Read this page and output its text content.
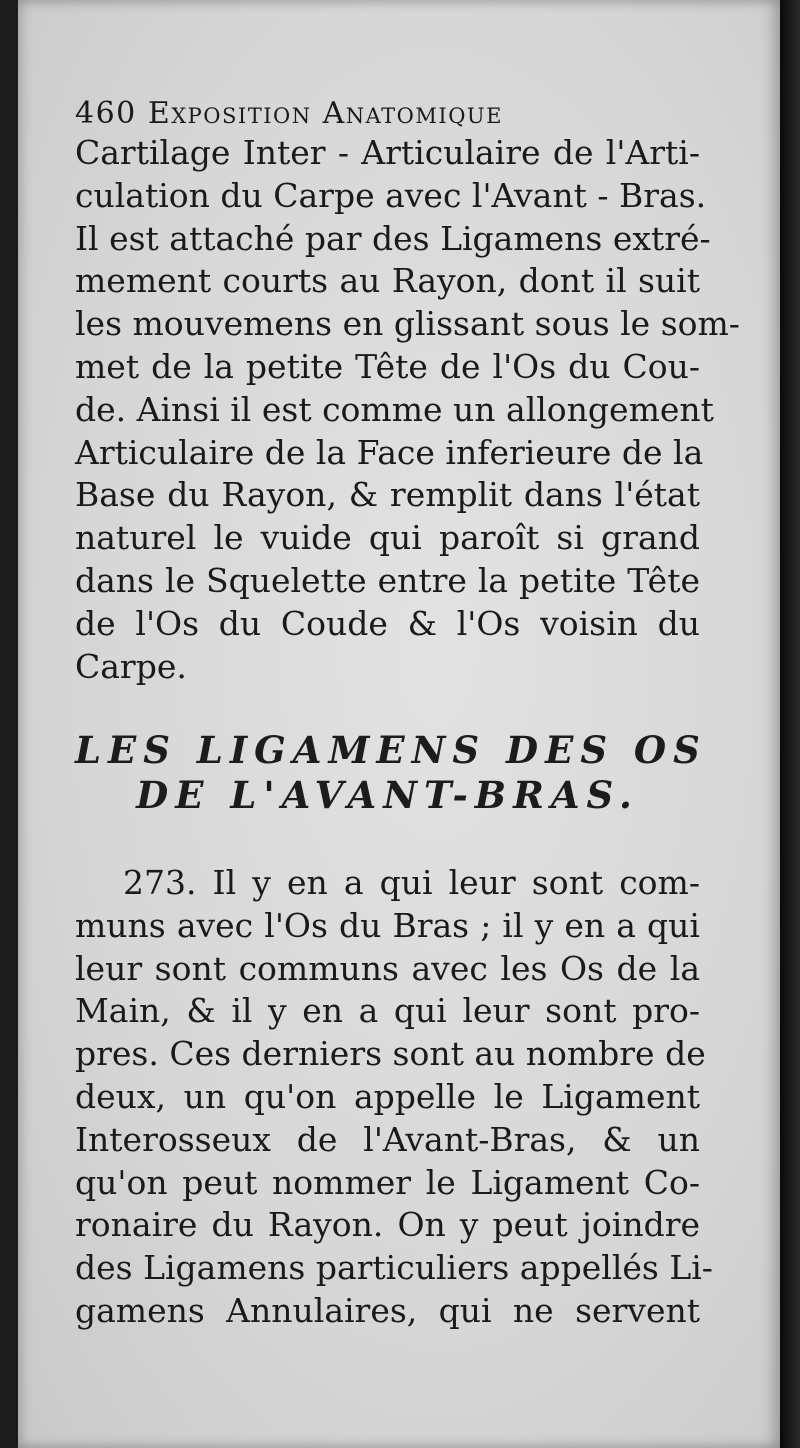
460 Exposition Anatomique
Cartilage Inter - Articulaire de l'Arti-
culation du Carpe avec l'Avant - Bras.
Il est attaché par des Ligamens extré-
mement courts au Rayon, dont il suit
les mouvemens en glissant sous le som-
met de la petite Tête de l'Os du Cou-
de. Ainsi il est comme un allongement
Articulaire de la Face inferieure de la
Base du Rayon, & remplit dans l'état
naturel le vuide qui paroît si grand
dans le Squelette entre la petite Tête
de l'Os du Coude & l'Os voisin du
Carpe.
LES LIGAMENS DES OS
DE L'AVANT-BRAS.
273. Il y en a qui leur sont com-
muns avec l'Os du Bras ; il y en a qui
leur sont communs avec les Os de la
Main, & il y en a qui leur sont pro-
pres. Ces derniers sont au nombre de
deux, un qu'on appelle le Ligament
Interosseux de l'Avant-Bras, & un
qu'on peut nommer le Ligament Co-
ronaire du Rayon. On y peut joindre
des Ligamens particuliers appellés Li-
gamens Annulaires, qui ne servent
